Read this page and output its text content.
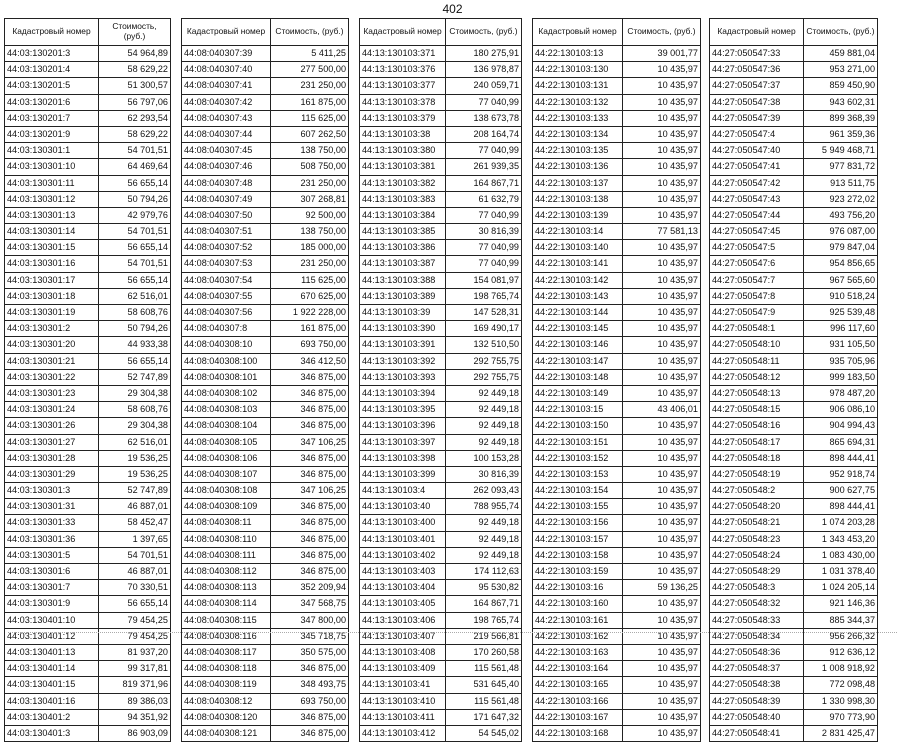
402
Кадастровый номер	Стоимость, (руб.)
44:03:130201:3	54 964,89
44:03:130201:4	58 629,22
44:03:130201:5	51 300,57
44:03:130201:6	56 797,06
44:03:130201:7	62 293,54
44:03:130201:9	58 629,22
44:03:130301:1	54 701,51
44:03:130301:10	64 469,64
44:03:130301:11	56 655,14
44:03:130301:12	50 794,26
44:03:130301:13	42 979,76
44:03:130301:14	54 701,51
44:03:130301:15	56 655,14
44:03:130301:16	54 701,51
44:03:130301:17	56 655,14
44:03:130301:18	62 516,01
44:03:130301:19	58 608,76
44:03:130301:2	50 794,26
44:03:130301:20	44 933,38
44:03:130301:21	56 655,14
44:03:130301:22	52 747,89
44:03:130301:23	29 304,38
44:03:130301:24	58 608,76
44:03:130301:26	29 304,38
44:03:130301:27	62 516,01
44:03:130301:28	19 536,25
44:03:130301:29	19 536,25
44:03:130301:3	52 747,89
44:03:130301:31	46 887,01
44:03:130301:33	58 452,47
44:03:130301:36	1 397,65
44:03:130301:5	54 701,51
44:03:130301:6	46 887,01
44:03:130301:7	70 330,51
44:03:130301:9	56 655,14
44:03:130401:10	79 454,25
44:03:130401:12	79 454,25
44:03:130401:13	81 937,20
44:03:130401:14	99 317,81
44:03:130401:15	819 371,96
44:03:130401:16	89 386,03
44:03:130401:2	94 351,92
44:03:130401:3	86 903,09
Кадастровый номер	Стоимость, (руб.)
44:08:040307:39	5 411,25
44:08:040307:40	277 500,00
44:08:040307:41	231 250,00
44:08:040307:42	161 875,00
44:08:040307:43	115 625,00
44:08:040307:44	607 262,50
44:08:040307:45	138 750,00
44:08:040307:46	508 750,00
44:08:040307:48	231 250,00
44:08:040307:49	307 268,81
44:08:040307:50	92 500,00
44:08:040307:51	138 750,00
44:08:040307:52	185 000,00
44:08:040307:53	231 250,00
44:08:040307:54	115 625,00
44:08:040307:55	670 625,00
44:08:040307:56	1 922 228,00
44:08:040307:8	161 875,00
44:08:040308:10	693 750,00
44:08:040308:100	346 412,50
44:08:040308:101	346 875,00
44:08:040308:102	346 875,00
44:08:040308:103	346 875,00
44:08:040308:104	346 875,00
44:08:040308:105	347 106,25
44:08:040308:106	346 875,00
44:08:040308:107	346 875,00
44:08:040308:108	347 106,25
44:08:040308:109	346 875,00
44:08:040308:11	346 875,00
44:08:040308:110	346 875,00
44:08:040308:111	346 875,00
44:08:040308:112	346 875,00
44:08:040308:113	352 209,94
44:08:040308:114	347 568,75
44:08:040308:115	347 800,00
44:08:040308:116	345 718,75
44:08:040308:117	350 575,00
44:08:040308:118	346 875,00
44:08:040308:119	348 493,75
44:08:040308:12	693 750,00
44:08:040308:120	346 875,00
44:08:040308:121	346 875,00
Кадастровый номер	Стоимость, (руб.)
44:13:130103:371	180 275,91
44:13:130103:376	136 978,87
44:13:130103:377	240 059,71
44:13:130103:378	77 040,99
44:13:130103:379	138 673,78
44:13:130103:38	208 164,74
44:13:130103:380	77 040,99
44:13:130103:381	261 939,35
44:13:130103:382	164 867,71
44:13:130103:383	61 632,79
44:13:130103:384	77 040,99
44:13:130103:385	30 816,39
44:13:130103:386	77 040,99
44:13:130103:387	77 040,99
44:13:130103:388	154 081,97
44:13:130103:389	198 765,74
44:13:130103:39	147 528,31
44:13:130103:390	169 490,17
44:13:130103:391	132 510,50
44:13:130103:392	292 755,75
44:13:130103:393	292 755,75
44:13:130103:394	92 449,18
44:13:130103:395	92 449,18
44:13:130103:396	92 449,18
44:13:130103:397	92 449,18
44:13:130103:398	100 153,28
44:13:130103:399	30 816,39
44:13:130103:4	262 093,43
44:13:130103:40	788 955,74
44:13:130103:400	92 449,18
44:13:130103:401	92 449,18
44:13:130103:402	92 449,18
44:13:130103:403	174 112,63
44:13:130103:404	95 530,82
44:13:130103:405	164 867,71
44:13:130103:406	198 765,74
44:13:130103:407	219 566,81
44:13:130103:408	170 260,58
44:13:130103:409	115 561,48
44:13:130103:41	531 645,40
44:13:130103:410	115 561,48
44:13:130103:411	171 647,32
44:13:130103:412	54 545,02
Кадастровый номер	Стоимость, (руб.)
44:22:130103:13	39 001,77
44:22:130103:130	10 435,97
44:22:130103:131	10 435,97
44:22:130103:132	10 435,97
44:22:130103:133	10 435,97
44:22:130103:134	10 435,97
44:22:130103:135	10 435,97
44:22:130103:136	10 435,97
44:22:130103:137	10 435,97
44:22:130103:138	10 435,97
44:22:130103:139	10 435,97
44:22:130103:14	77 581,13
44:22:130103:140	10 435,97
44:22:130103:141	10 435,97
44:22:130103:142	10 435,97
44:22:130103:143	10 435,97
44:22:130103:144	10 435,97
44:22:130103:145	10 435,97
44:22:130103:146	10 435,97
44:22:130103:147	10 435,97
44:22:130103:148	10 435,97
44:22:130103:149	10 435,97
44:22:130103:15	43 406,01
44:22:130103:150	10 435,97
44:22:130103:151	10 435,97
44:22:130103:152	10 435,97
44:22:130103:153	10 435,97
44:22:130103:154	10 435,97
44:22:130103:155	10 435,97
44:22:130103:156	10 435,97
44:22:130103:157	10 435,97
44:22:130103:158	10 435,97
44:22:130103:159	10 435,97
44:22:130103:16	59 136,25
44:22:130103:160	10 435,97
44:22:130103:161	10 435,97
44:22:130103:162	10 435,97
44:22:130103:163	10 435,97
44:22:130103:164	10 435,97
44:22:130103:165	10 435,97
44:22:130103:166	10 435,97
44:22:130103:167	10 435,97
44:22:130103:168	10 435,97
Кадастровый номер	Стоимость, (руб.)
44:27:050547:33	459 881,04
44:27:050547:36	953 271,00
44:27:050547:37	859 450,90
44:27:050547:38	943 602,31
44:27:050547:39	899 368,39
44:27:050547:4	961 359,36
44:27:050547:40	5 949 468,71
44:27:050547:41	977 831,72
44:27:050547:42	913 511,75
44:27:050547:43	923 272,02
44:27:050547:44	493 756,20
44:27:050547:45	976 087,00
44:27:050547:5	979 847,04
44:27:050547:6	954 856,65
44:27:050547:7	967 565,60
44:27:050547:8	910 518,24
44:27:050547:9	925 539,48
44:27:050548:1	996 117,60
44:27:050548:10	931 105,50
44:27:050548:11	935 705,96
44:27:050548:12	999 183,50
44:27:050548:13	978 487,20
44:27:050548:15	906 086,10
44:27:050548:16	904 994,43
44:27:050548:17	865 694,31
44:27:050548:18	898 444,41
44:27:050548:19	952 918,74
44:27:050548:2	900 627,75
44:27:050548:20	898 444,41
44:27:050548:21	1 074 203,28
44:27:050548:23	1 343 453,20
44:27:050548:24	1 083 430,00
44:27:050548:29	1 031 378,40
44:27:050548:3	1 024 205,14
44:27:050548:32	921 146,36
44:27:050548:33	885 344,37
44:27:050548:34	956 266,32
44:27:050548:36	912 636,12
44:27:050548:37	1 008 918,92
44:27:050548:38	772 098,48
44:27:050548:39	1 330 998,30
44:27:050548:40	970 773,90
44:27:050548:41	2 831 425,47
